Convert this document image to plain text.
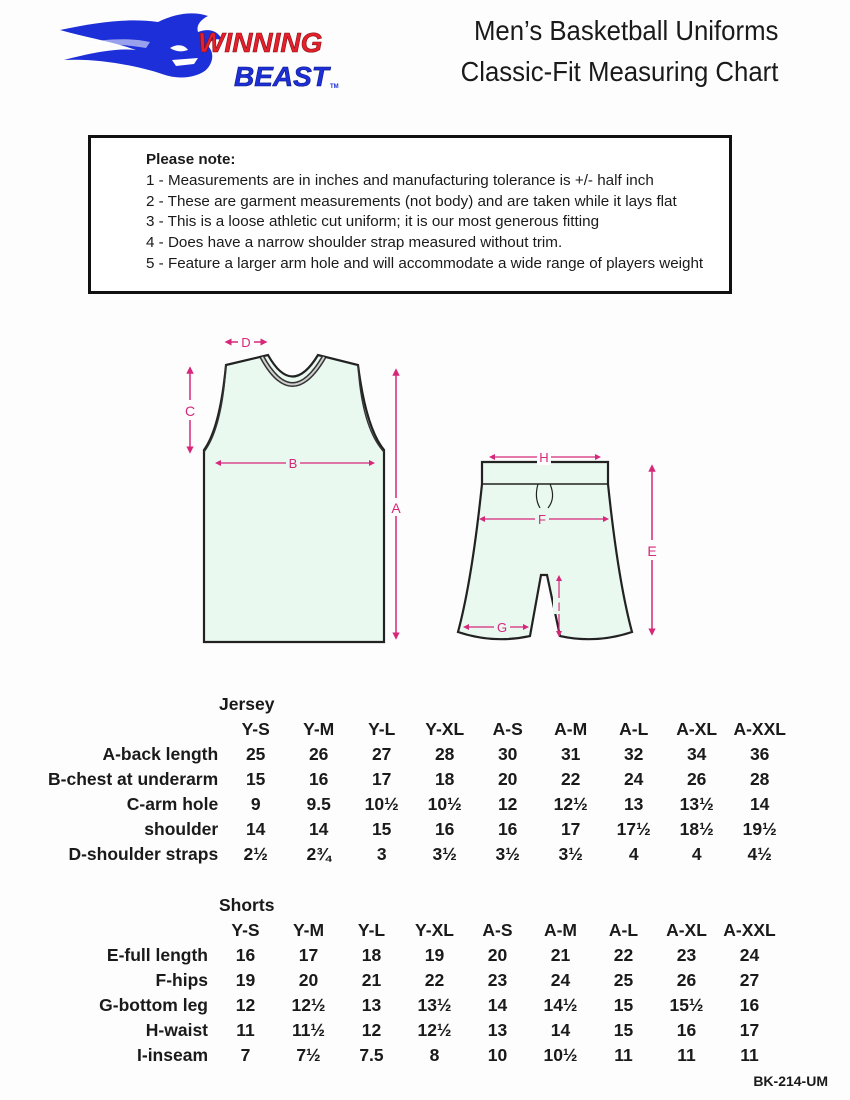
WINNING
BEAST TM
Men’s Basketball Uniforms
Classic-Fit Measuring Chart
Please note:
1 - Measurements are in inches and manufacturing tolerance is +/- half inch
2 - These are garment measurements (not body) and are taken while it lays flat
3 - This is a loose athletic cut uniform; it is our most generous fitting
4 - Does have a narrow shoulder strap measured without trim.
5 - Feature a larger arm hole and will accommodate a wide range of players weight
A
B
C
D
H
F
E
I
G
Jersey
	Y-S	Y-M	Y-L	Y-XL	A-S	A-M	A-L	A-XL	A-XXL
A-back length	25	26	27	28	30	31	32	34	36
B-chest at underarm	15	16	17	18	20	22	24	26	28
C-arm hole	9	9.5	10½	10½	12	12½	13	13½	14
shoulder	14	14	15	16	16	17	17½	18½	19½
D-shoulder straps	2½	2¾	3	3½	3½	3½	4	4	4½
Shorts
	Y-S	Y-M	Y-L	Y-XL	A-S	A-M	A-L	A-XL	A-XXL
E-full length	16	17	18	19	20	21	22	23	24
F-hips	19	20	21	22	23	24	25	26	27
G-bottom leg	12	12½	13	13½	14	14½	15	15½	16
H-waist	11	11½	12	12½	13	14	15	16	17
I-inseam	7	7½	7.5	8	10	10½	11	11	11
BK-214-UM
